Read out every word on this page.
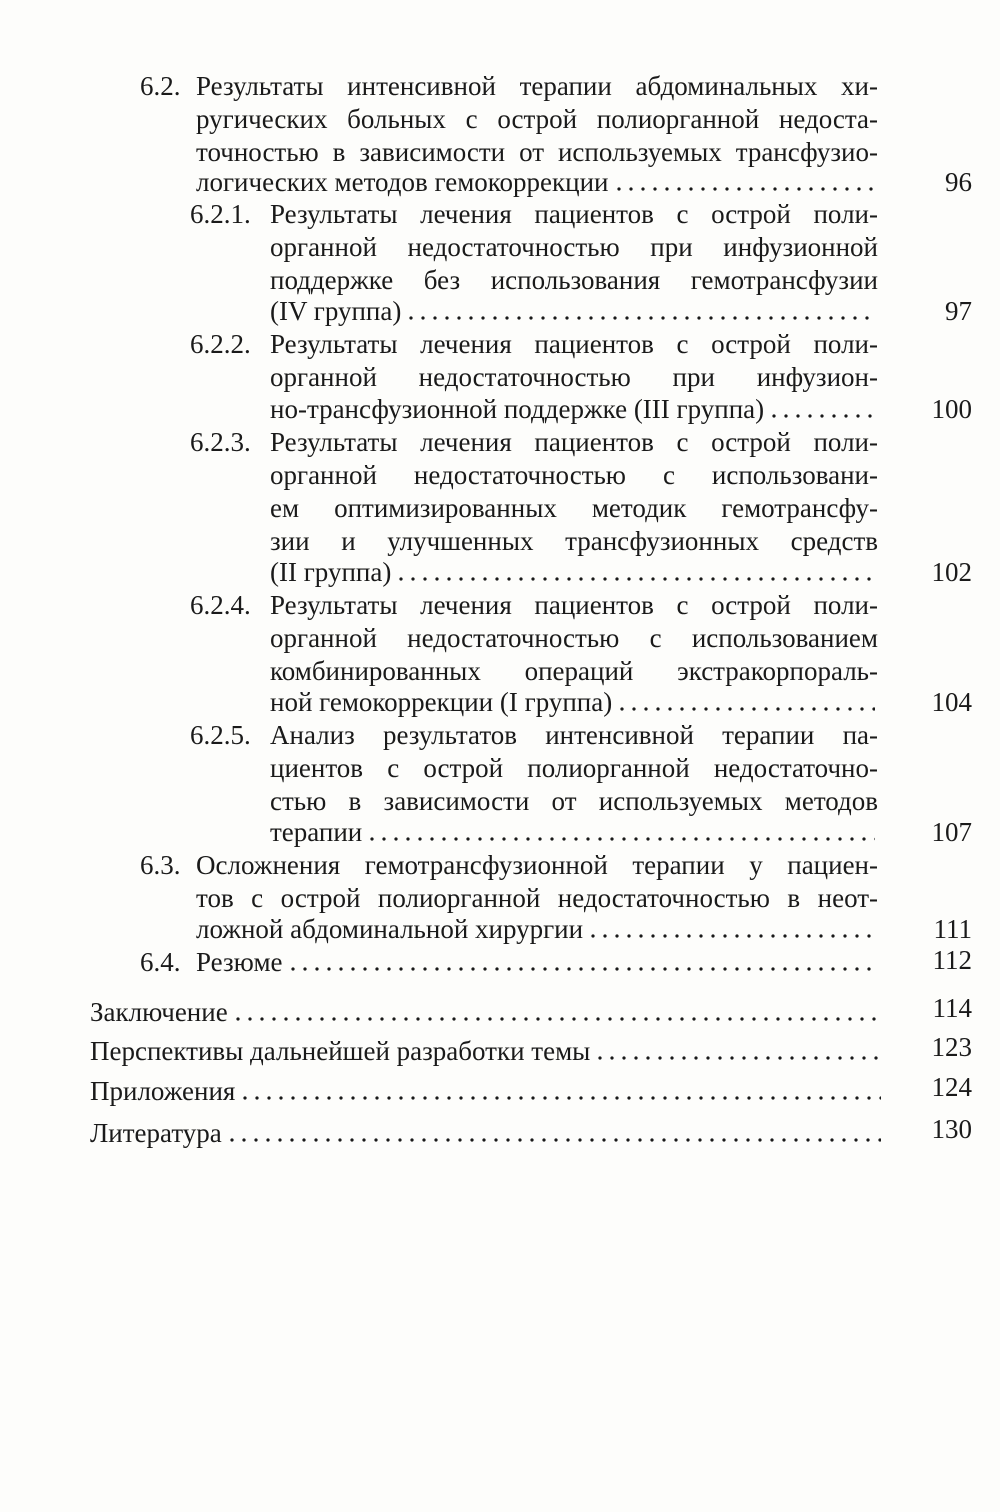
6.2. Результаты интенсивной терапии абдоминальных хи-
ругических больных с острой полиорганной недоста-
точностью в зависимости от используемых трансфузио-
логических методов гемокоррекции	96
6.2.1. Результаты лечения пациентов с острой поли-
органной недостаточностью при инфузионной
поддержке без использования гемотрансфузии
(IV группа)	97
6.2.2. Результаты лечения пациентов с острой поли-
органной недостаточностью при инфузион-
но-трансфузионной поддержке (III группа)	100
6.2.3. Результаты лечения пациентов с острой поли-
органной недостаточностью с использовани-
ем оптимизированных методик гемотрансфу-
зии и улучшенных трансфузионных средств
(II группа)	102
6.2.4. Результаты лечения пациентов с острой поли-
органной недостаточностью с использованием
комбинированных операций экстракорпораль-
ной гемокоррекции (I группа)	104
6.2.5. Анализ результатов интенсивной терапии па-
циентов с острой полиорганной недостаточно-
стью в зависимости от используемых методов
терапии	107
6.3. Осложнения гемотрансфузионной терапии у пациен-
тов с острой полиорганной недостаточностью в неот-
ложной абдоминальной хирургии	111
6.4. Резюме	112
Заключение	114
Перспективы дальнейшей разработки темы	123
Приложения	124
Литература	130
